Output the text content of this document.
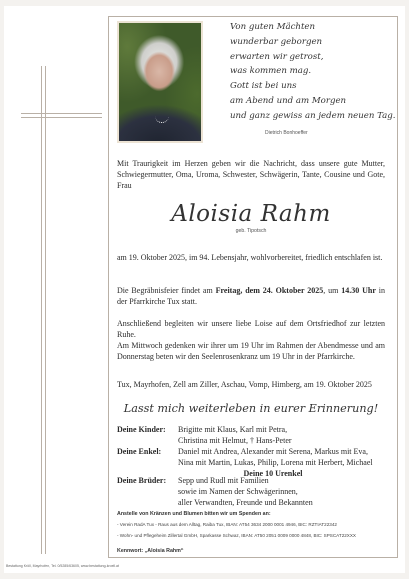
Von guten Mächten
wunderbar geborgen
erwarten wir getrost,
was kommen mag.
Gott ist bei uns
am Abend und am Morgen
und ganz gewiss an jedem neuen Tag.
Dietrich Bonhoeffer
Mit Traurigkeit im Herzen geben wir die Nachricht, dass unsere gute Mutter, Schwiegermutter, Oma, Uroma, Schwester, Schwägerin, Tante, Cousine und Gote, Frau
Aloisia Rahm
geb. Tipotsch
am 19. Oktober 2025, im 94. Lebensjahr, wohlvorbereitet, friedlich entschlafen ist.
Die Begräbnisfeier findet am Freitag, dem 24. Oktober 2025, um 14.30 Uhr in der Pfarrkirche Tux statt.
Anschließend begleiten wir unsere liebe Loise auf dem Ortsfriedhof zur letzten Ruhe.
Am Mittwoch gedenken wir ihrer um 19 Uhr im Rahmen der Abendmesse und am Donnerstag beten wir den Seelenrosenkranz um 19 Uhr in der Pfarrkirche.
Tux, Mayrhofen, Zell am Ziller, Aschau, Vomp, Himberg, am 19. Oktober 2025
Lasst mich weiterleben in eurer Erinnerung!
Deine Kinder: Brigitte mit Klaus, Karl mit Petra,
Christina mit Helmut, † Hans-Peter
Deine Enkel: Daniel mit Andrea, Alexander mit Serena, Markus mit Eva,
Nina mit Martin, Lukas, Philip, Lorena mit Herbert, Michael
Deine 10 Urenkel
Deine Brüder: Sepp und Rudl mit Familien
sowie im Namen der Schwägerinnen,
aller Verwandten, Freunde und Bekannten
Anstelle von Kränzen und Blumen bitten wir um Spenden an:
- Verein RadA Tux - Raus aus dem Alltag, Raiba Tux, IBAN: AT54 3634 2000 0001 4946, BIC: RZTIAT22342
- Wohn- und Pflegeheim Zillertal GmbH, Sparkasse Schwaz, IBAN: AT50 2051 0009 0000 4848, BIC: SPSCAT22XXX
Kennwort: „Aloisia Rahm“
Bestattung Kröll, Mayrhofen, Tel. 0/5285/63605, www.bestattung-kroell.at
